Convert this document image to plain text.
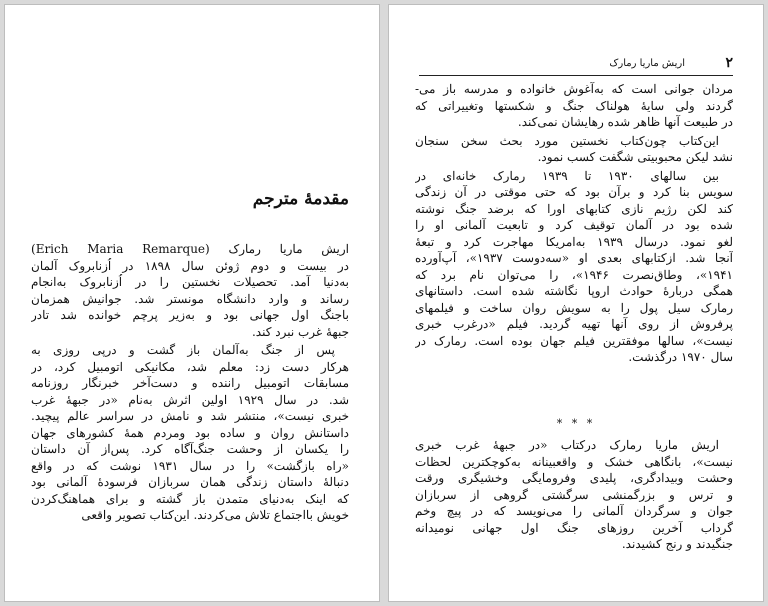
مقدمهٔ مترجم
اریش ماریا رمارک (Erich Maria Remarque)
در بیست و دوم ژوئن سال ۱۸۹۸ در اُزنابروک آلمان
به‌دنیا آمد. تحصیلات نخستین را در اُزنابروک به‌انجام
رساند و وارد دانشگاه مونستر شد. جوانیش همزمان
باجنگ اول جهانی بود و به‌زیر پرچم خوانده شد تادر
جبههٔ غرب نبرد کند.
پس از جنگ به‌آلمان باز گشت و درپی روزی به
هرکار دست زد: معلم شد، مکانیکی اتومبیل کرد، در
مسابقات اتومبیل راننده و دست‌آخر خبرنگار روزنامه
شد. در سال ۱۹۲۹ اولین اثرش به‌نام «در جبههٔ غرب
خبری نیست»، منتشر شد و نامش در سراسر عالم پیچید.
داستانش روان و ساده بود ومردم همهٔ کشورهای جهان
را یکسان از وحشت جنگ‌آگاه کرد. پس‌از آن داستان
«راه بازگشت» را در سال ۱۹۳۱ نوشت که در واقع
دنبالهٔ داستان زندگی همان سربازان فرسودهٔ آلمانی بود
که اینک به‌دنیای متمدن باز گشته و برای هماهنگ‌کردن
خویش بااجتماع تلاش می‌کردند. این‌کتاب تصویر واقعی
۲
اریش ماریا رمارک
مردان جوانی است که به‌آغوش خانواده و مدرسه باز می-
گردند ولی سایهٔ هولناک جنگ و شکستها وتغییراتی که
در طبیعت آنها ظاهر شده رهایشان نمی‌کند.
این‌کتاب چون‌کتاب نخستین مورد بحث سخن سنجان
نشد لیکن محبوبیتی شگفت کسب نمود.
بین سالهای ۱۹۳۰ تا ۱۹۳۹ رمارک خانه‌ای در
سویس بنا کرد و برآن بود که حتی موقتی در آن زندگی
کند لکن رژیم نازی کتابهای اورا که برضد جنگ نوشته
شده بود در آلمان توقیف کرد و تابعیت آلمانی او را
لغو نمود. درسال ۱۹۳۹ به‌امریکا مهاجرت کرد و تبعهٔ
آنجا شد. ازکتابهای بعدی او «سه‌دوست ۱۹۳۷»، آپ‌آورده
۱۹۴۱»، وطاق‌نصرت ۱۹۴۶»، را می‌توان نام برد که
همگی دربارهٔ حوادث اروپا نگاشته شده است. داستانهای
رمارک سیل پول را به سویش روان ساخت و فیلمهای
پرفروش از روی آنها تهیه گردید. فیلم «درغرب خبری
نیست»، سالها موفقترین فیلم جهان بوده است. رمارک در
سال ۱۹۷۰ درگذشت.
* * *
اریش ماریا رمارک درکتاب «در جبههٔ غرب خبری
نیست»، بانگاهی خشک و واقعبینانه به‌کوچکترین لحظات
وحشت وبیدادگری، پلیدی وفرومایگی وخشیگری ورقت
و ترس و بزرگمنشی سرگشتی گروهی از سربازان
جوان و سرگردان آلمانی را می‌نویسد که در پیچ وخم
گرداب آخرین روزهای جنگ اول جهانی نومیدانه
جنگیدند و رنج کشیدند.
